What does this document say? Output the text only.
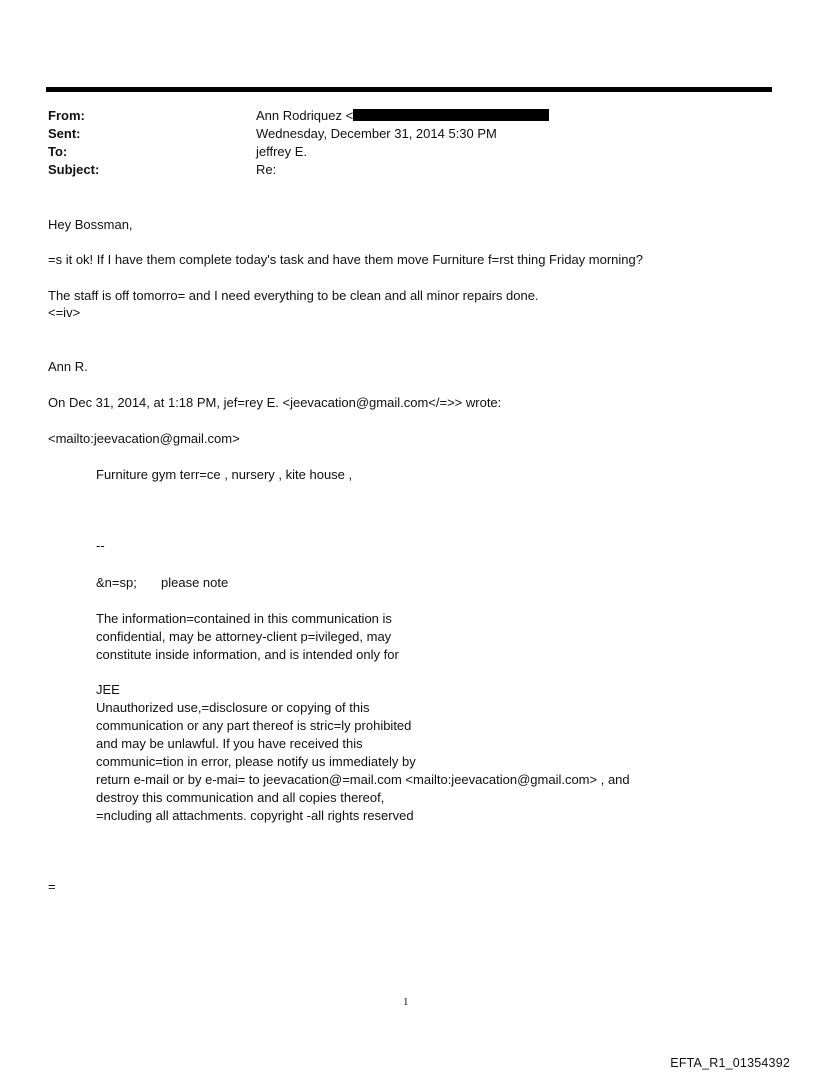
From:	Ann Rodriquez <
Sent:	Wednesday, December 31, 2014 5:30 PM
To:	jeffrey E.
Subject:	Re:
Hey Bossman,
=s it ok! If I have them complete today's task and have them move Furniture f=rst thing Friday morning?
The staff is off tomorro= and I need everything to be clean and all minor repairs done.
<=iv>
Ann R.
On Dec 31, 2014, at 1:18 PM, jef=rey E. <jeevacation@gmail.com</=>> wrote:
<mailto:jeevacation@gmail.com>
Furniture gym terr=ce , nursery , kite house ,
--
&n=sp; please note
The information=contained in this communication is
confidential, may be attorney-client p=ivileged, may
constitute inside information, and is intended only for
JEE
Unauthorized use,=disclosure or copying of this
communication or any part thereof is stric=ly prohibited
and may be unlawful. If you have received this
communic=tion in error, please notify us immediately by
return e-mail or by e-mai= to jeevacation@=mail.com <mailto:jeevacation@gmail.com> , and
destroy this communication and all copies thereof,
=ncluding all attachments. copyright -all rights reserved
=
1
EFTA_R1_01354392
